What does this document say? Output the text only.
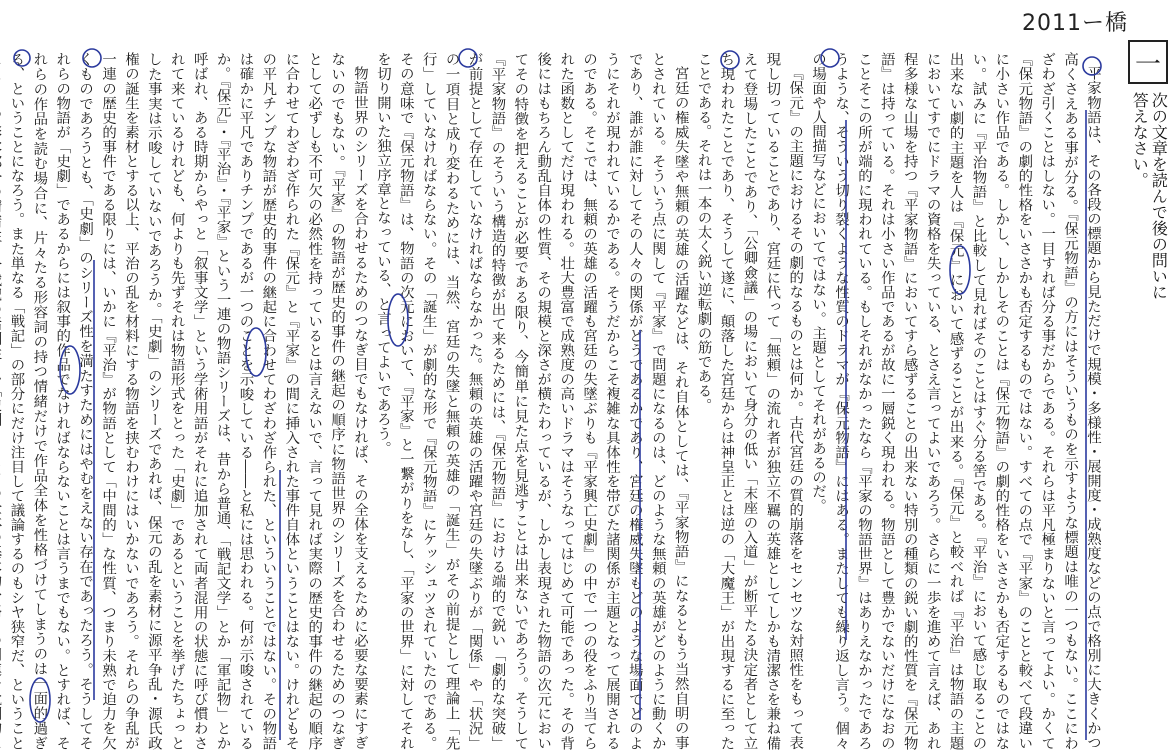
2011ー橋
一
次の文章を読んで後の問いに答えなさい。

平家物語は、その各段の標題から見ただけで規模・多様性・展開度・成熟度などの点で格別に大きくかつ高くさえある事が分る。『保元物語』の方にはそういうものを示すような標題は唯の一つもない。ここにわざわざ引くことはしない。一目すれば分る事だからである。それらは平凡極まりないと言ってよい。かくて『保元物語』の劇的性格をいささかも否定するものではない。すべての点で『平家』のことと較べて段違いに小さい作品である。しかし、しかしそのことは『保元物語』の劇的性格をいささかも否定するものではない。試みに『平治物語』と比較して見ればそのことはすぐ分る筈である。『平治』において感じ取ることの出来ない劇的主題を人は『保元』において感ずることが出来る。『保元』と較べれば『平治』は物語の主題においてすでにドラマの資格を失っている、とさえ言ってよいであろう。さらに一歩を進めて言えば、あれ程多様な山場を持つ『平家物語』においてすら感ずることの出来ない特別の種類の鋭い劇的性質を『保元物語』は持っている。それは小さい作品であるが故に一層鋭く現われる。物語として豊かでないだけになおのことそこの所が端的に現われている。もしそれがなかったなら『平家の物語世界』はありえなかったであろうような、そういう切り裂くような性質のドラマが『保元物語』にはある。またしても繰り返し言う。個々の場面や人間描写などにおいてではない。主題としてそれがあるのだ。

『保元』の主題におけるその劇的なるものとは何か。古代宮廷の質的崩落をセンセツな対照性をもって表現し切っていることであり、宮廷に代って「無頼」の流れ者が独立不羈の英雄としてしかも清潔さを兼ね備えて登場したことであり、「公卿僉議」の場において身分の低い「末座の入道」が断平たる決定者として立ち現われたことであり、そうして遂に、顛落した宮廷からは神皇正とは逆の「大魔王」が出現するに至ったことである。それは一本の太く鋭い逆転劇の筋である。

宮廷の権威失墜や無頼の英雄の活躍などは、それ自体としては、『平家物語』になるともう当然自明の事とされている。そういう点に関して『平家』で問題になるのは、どのような無頼の英雄がどのように動くかであり、誰が誰に対してその人々の関係がどうであるかであり、宮廷の権威失墜もどのような場面でどのようにそれが現われているかである。そうだからこそ複雑な具体性を帯びた諸関係が主題となって展開されるのである。そこでは、無頼の英雄の活躍も宮廷の失墜ぶりも『平家興亡史劇』の中で一つの役をふり当てられた函数としてだけ現われる。壮大豊富で成熟度の高いドラマはそうなってはじめて可能であった。その背後にはもちろん動乱自体の性質、その規模と深さが横たわっているが、しかし表現された物語の次元においてその特徴を把えることが必要である限り、今簡単に見た点を見逃すことは出来ないであろう。そうして『平家物語』のそういう構造的特徴が出て来るためには、『保元物語』における端的で鋭い「劇的な突破」が前提として存在していなければならなかった。無頼の英雄の活躍や宮廷の失墜ぶりが「関係」や「状況」の一項目と成り変わるためには、当然、宮廷の失墜と無頼の英雄の「誕生」がその前提として理論上「先行」していなければならない。その「誕生」が劇的な形で『保元物語』にケッシュツされていたのである。その意味で『保元物語』は、物語の次元において、『平家』と一繋がりをなし、「平家の世界」に対してそれを切り開いた独立序章となっている、と言ってよいであろう。

物語世界のシリーズを合わせるためのつなぎ目でもなければ、その全体を支えるために必要な要素にすぎないのでもない。『平家』の物語が歴史的事件の継起の順序に物語世界のシリーズを合わせるためのつなぎとして必ずしも不可欠の必然性を持っているとは言えないで、言って見れば実際の歴史的事件の継起の順序に合わせてわざわざ作られた『保元』と『平家』の間に挿入された事件自体ということはない。けれどもその平凡チンプな物語が歴史的事件の継起に合わせてわざわざ作られた、といういうことではない。その物語は確かに平凡でありチンプであるが一つのことを示唆している――と私には思われる。何が示唆されているか。『保元』・『平治』・『平家』という一連の物語シリーズは、昔から普通、「戦記文学」とか「軍記物」とか呼ばれ、ある時期からやっと「叙事文学」という学術用語がそれに追加されて両者混用の状態に呼び慣わされて来ているけれども、何よりも先ずそれは物語形式をとった「史劇」であるということを挙げたちょっとした事実は示唆していないであろうか。「史劇」のシリーズであれば、保元の乱を素材に源平争乱・源氏政権の誕生を素材とする以上、平治の乱を材料にする物語を挟むわけにはいかないであろう。それらの争乱が一連の歴史的事件である限りには、いかに『平治』が物語として「中間的」な性質、つまり未熟で迫力を欠くものであろうとも、「史劇」のシリーズ性を満たすためにはやむをえない存在であったろう。そうしてそれらの物語が「史劇」であるからには叙事的作品でなければならないことは言うまでもない。とすれば、それらの作品を読む場合に、片々たる形容詞の持つ情緒だけで作品全体を性格づけてしまうのは一面的過ぎる、ということになろう。また単なる「戦記」の部分にだけ注目して議論するのもシヤ狭窄だ、ということ
